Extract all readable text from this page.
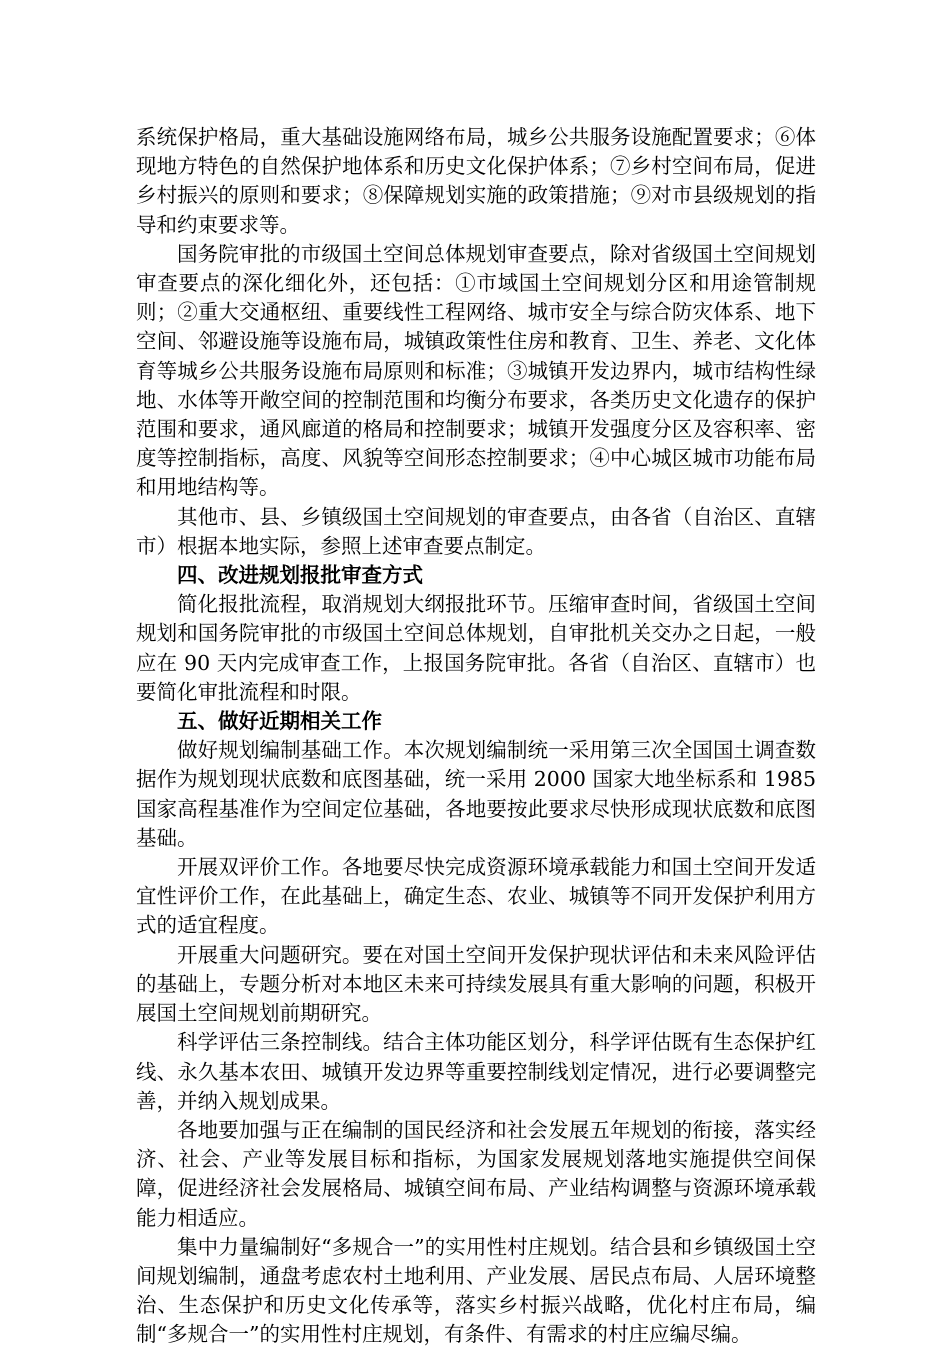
系统保护格局，重大基础设施网络布局，城乡公共服务设施配置要求；⑥体现地方特色的自然保护地体系和历史文化保护体系；⑦乡村空间布局，促进乡村振兴的原则和要求；⑧保障规划实施的政策措施；⑨对市县级规划的指导和约束要求等。

国务院审批的市级国土空间总体规划审查要点，除对省级国土空间规划审查要点的深化细化外，还包括：①市域国土空间规划分区和用途管制规则；②重大交通枢纽、重要线性工程网络、城市安全与综合防灾体系、地下空间、邻避设施等设施布局，城镇政策性住房和教育、卫生、养老、文化体育等城乡公共服务设施布局原则和标准；③城镇开发边界内，城市结构性绿地、水体等开敞空间的控制范围和均衡分布要求，各类历史文化遗存的保护范围和要求，通风廊道的格局和控制要求；城镇开发强度分区及容积率、密度等控制指标，高度、风貌等空间形态控制要求；④中心城区城市功能布局和用地结构等。

其他市、县、乡镇级国土空间规划的审查要点，由各省（自治区、直辖市）根据本地实际，参照上述审查要点制定。

四、改进规划报批审查方式

简化报批流程，取消规划大纲报批环节。压缩审查时间，省级国土空间规划和国务院审批的市级国土空间总体规划，自审批机关交办之日起，一般应在 90 天内完成审查工作，上报国务院审批。各省（自治区、直辖市）也要简化审批流程和时限。

五、做好近期相关工作

做好规划编制基础工作。本次规划编制统一采用第三次全国国土调查数据作为规划现状底数和底图基础，统一采用 2000 国家大地坐标系和 1985 国家高程基准作为空间定位基础，各地要按此要求尽快形成现状底数和底图基础。

开展双评价工作。各地要尽快完成资源环境承载能力和国土空间开发适宜性评价工作，在此基础上，确定生态、农业、城镇等不同开发保护利用方式的适宜程度。

开展重大问题研究。要在对国土空间开发保护现状评估和未来风险评估的基础上，专题分析对本地区未来可持续发展具有重大影响的问题，积极开展国土空间规划前期研究。

科学评估三条控制线。结合主体功能区划分，科学评估既有生态保护红线、永久基本农田、城镇开发边界等重要控制线划定情况，进行必要调整完善，并纳入规划成果。

各地要加强与正在编制的国民经济和社会发展五年规划的衔接，落实经济、社会、产业等发展目标和指标，为国家发展规划落地实施提供空间保障，促进经济社会发展格局、城镇空间布局、产业结构调整与资源环境承载能力相适应。

集中力量编制好“多规合一”的实用性村庄规划。结合县和乡镇级国土空间规划编制，通盘考虑农村土地利用、产业发展、居民点布局、人居环境整治、生态保护和历史文化传承等，落实乡村振兴战略，优化村庄布局，编制“多规合一”的实用性村庄规划，有条件、有需求的村庄应编尽编。
